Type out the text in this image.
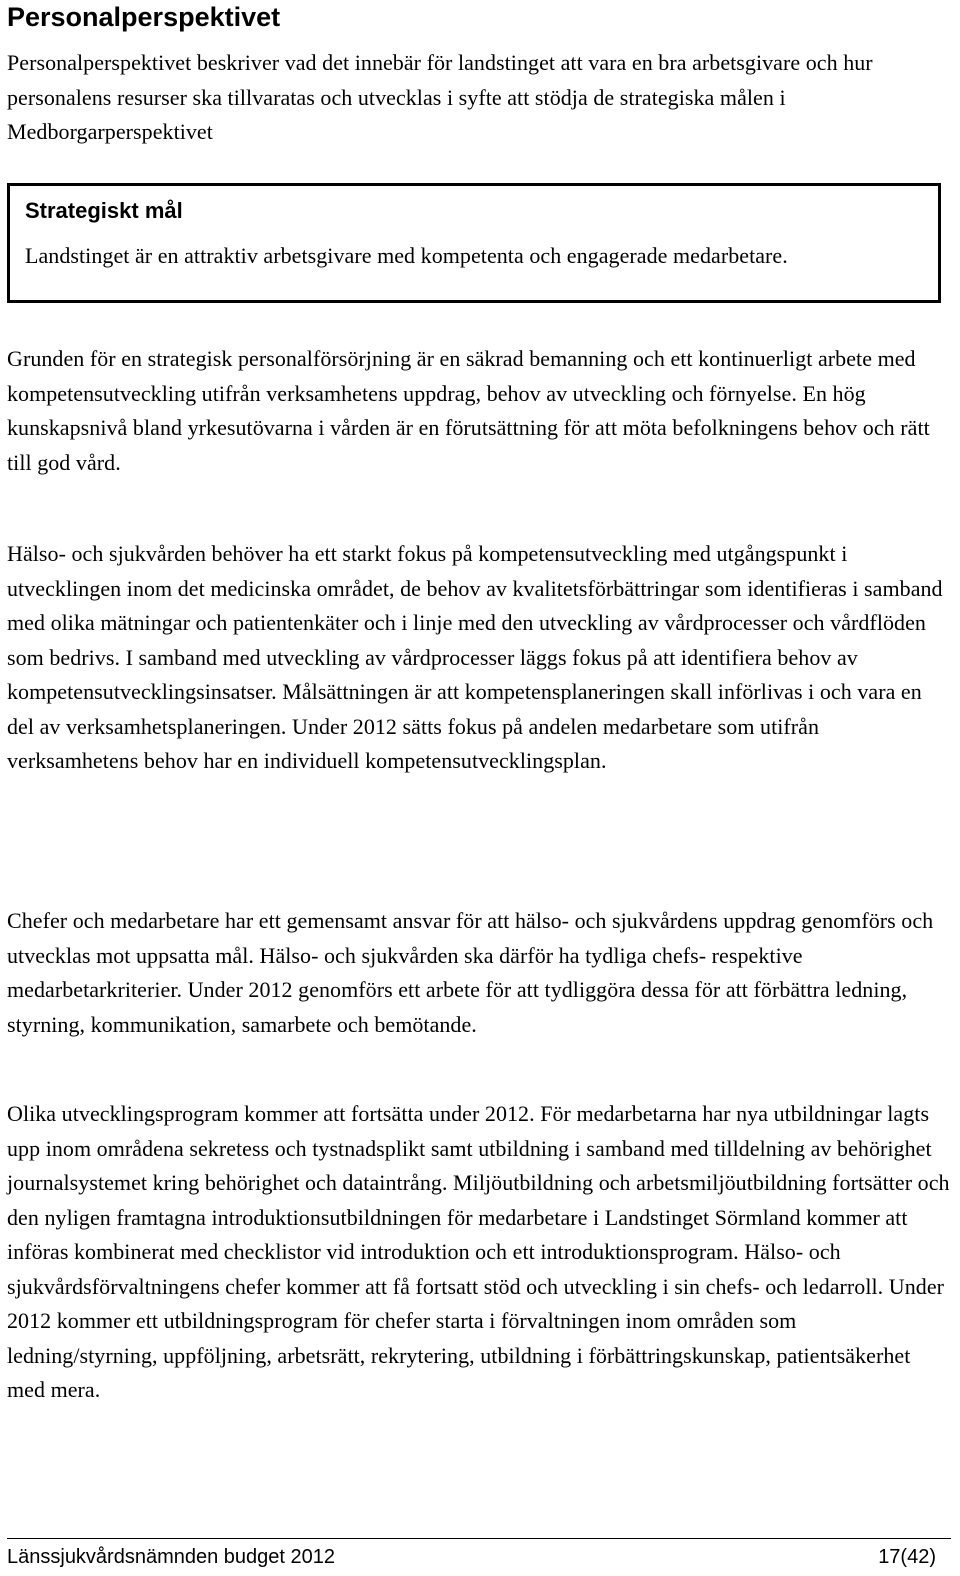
Personalperspektivet
Personalperspektivet beskriver vad det innebär för landstinget att vara en bra arbetsgivare och hur personalens resurser ska tillvaratas och utvecklas i syfte att stödja de strategiska målen i Medborgarperspektivet
Strategiskt mål
Landstinget är en attraktiv arbetsgivare med kompetenta och engagerade medarbetare.
Grunden för en strategisk personalförsörjning är en säkrad bemanning och ett kontinuerligt arbete med kompetensutveckling utifrån verksamhetens uppdrag, behov av utveckling och förnyelse. En hög kunskapsnivå bland yrkesutövarna i vården är en förutsättning för att möta befolkningens behov och rätt till god vård.
Hälso- och sjukvården behöver ha ett starkt fokus på kompetensutveckling med utgångspunkt i utvecklingen inom det medicinska området, de behov av kvalitetsförbättringar som identifieras i samband med olika mätningar och patientenkäter och i linje med den utveckling av vårdprocesser och vårdflöden som bedrivs. I samband med utveckling av vårdprocesser läggs fokus på att identifiera behov av kompetensutvecklingsinsatser. Målsättningen är att kompetensplaneringen skall införlivas i och vara en del av verksamhetsplaneringen. Under 2012 sätts fokus på andelen medarbetare som utifrån verksamhetens behov har en individuell kompetensutvecklingsplan.
Chefer och medarbetare har ett gemensamt ansvar för att hälso- och sjukvårdens uppdrag genomförs och utvecklas mot uppsatta mål. Hälso- och sjukvården ska därför ha tydliga chefs- respektive medarbetarkriterier. Under 2012 genomförs ett arbete för att tydliggöra dessa för att förbättra ledning, styrning, kommunikation, samarbete och bemötande.
Olika utvecklingsprogram kommer att fortsätta under 2012. För medarbetarna har nya utbildningar lagts upp inom områdena sekretess och tystnadsplikt samt utbildning i samband med tilldelning av behörighet journalsystemet kring behörighet och dataintrång. Miljöutbildning och arbetsmiljöutbildning fortsätter och den nyligen framtagna introduktionsutbildningen för medarbetare i Landstinget Sörmland kommer att införas kombinerat med checklistor vid introduktion och ett introduktionsprogram. Hälso- och sjukvårdsförvaltningens chefer kommer att få fortsatt stöd och utveckling i sin chefs- och ledarroll. Under 2012 kommer ett utbildningsprogram för chefer starta i förvaltningen inom områden som ledning/styrning, uppföljning, arbetsrätt, rekrytering, utbildning i förbättringskunskap, patientsäkerhet med mera.
Länssjukvårdsnämnden budget 2012	17(42)
